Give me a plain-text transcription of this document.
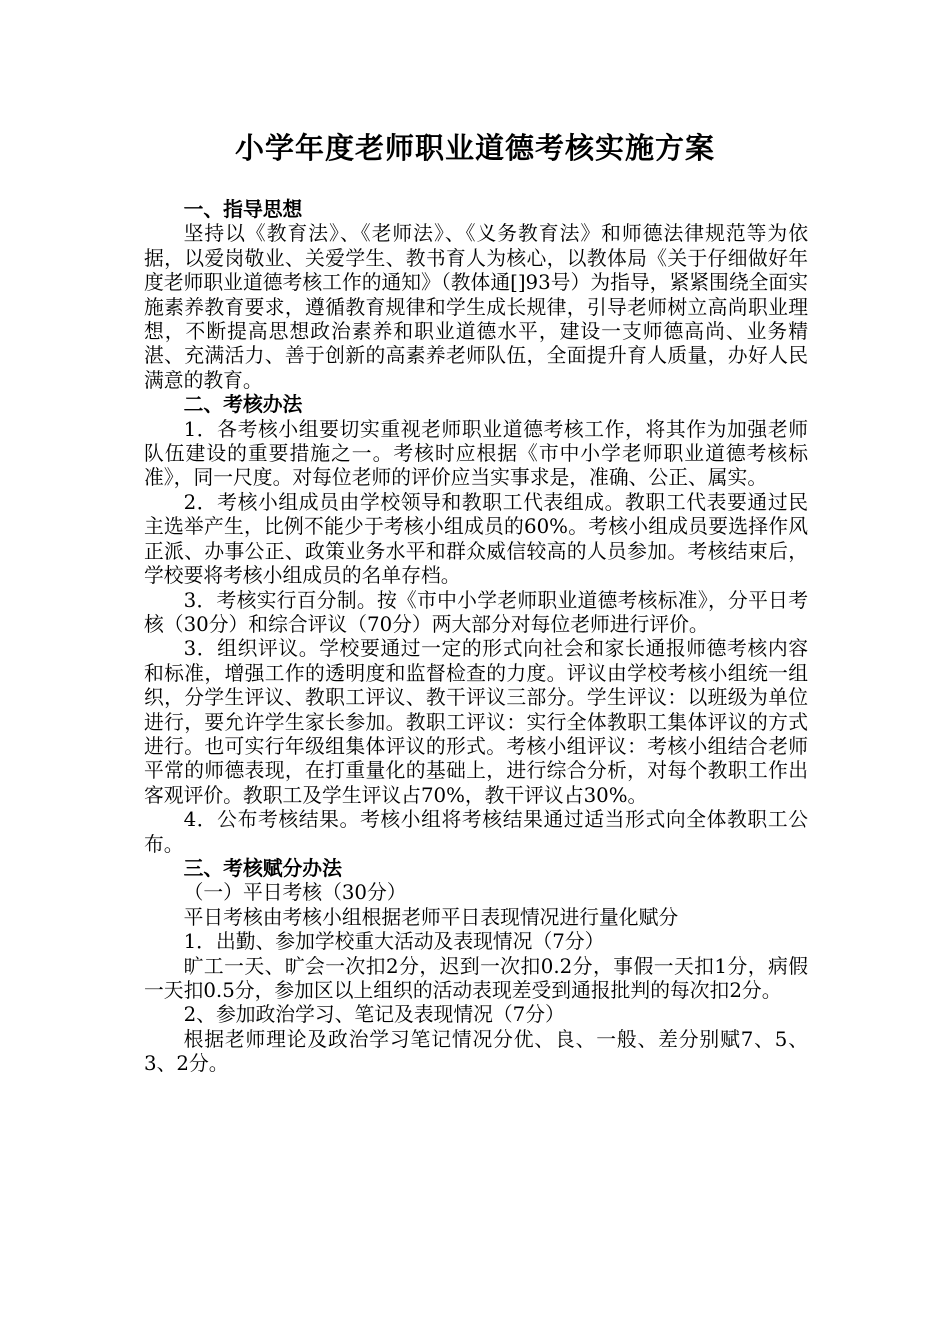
小学年度老师职业道德考核实施方案
一、指导思想

坚持以《教育法》、《老师法》、《义务教育法》和师德法律规范等为依据，以爱岗敬业、关爱学生、教书育人为核心，以教体局《关于仔细做好年度老师职业道德考核工作的通知》（教体通[]93号）为指导，紧紧围绕全面实施素养教育要求，遵循教育规律和学生成长规律，引导老师树立高尚职业理想，不断提高思想政治素养和职业道德水平，建设一支师德高尚、业务精湛、充满活力、善于创新的高素养老师队伍，全面提升育人质量，办好人民满意的教育。

二、考核办法

1．各考核小组要切实重视老师职业道德考核工作，将其作为加强老师队伍建设的重要措施之一。考核时应根据《市中小学老师职业道德考核标准》，同一尺度。对每位老师的评价应当实事求是，准确、公正、属实。

2．考核小组成员由学校领导和教职工代表组成。教职工代表要通过民主选举产生，比例不能少于考核小组成员的60%。考核小组成员要选择作风正派、办事公正、政策业务水平和群众威信较高的人员参加。考核结束后，学校要将考核小组成员的名单存档。

3．考核实行百分制。按《市中小学老师职业道德考核标准》，分平日考核（30分）和综合评议（70分）两大部分对每位老师进行评价。

3．组织评议。学校要通过一定的形式向社会和家长通报师德考核内容和标准，增强工作的透明度和监督检查的力度。评议由学校考核小组统一组织，分学生评议、教职工评议、教干评议三部分。学生评议：以班级为单位进行，要允许学生家长参加。教职工评议：实行全体教职工集体评议的方式进行。也可实行年级组集体评议的形式。考核小组评议：考核小组结合老师平常的师德表现，在打重量化的基础上，进行综合分析，对每个教职工作出客观评价。教职工及学生评议占70%，教干评议占30%。

4．公布考核结果。考核小组将考核结果通过适当形式向全体教职工公布。

三、考核赋分办法

（一）平日考核（30分）

平日考核由考核小组根据老师平日表现情况进行量化赋分

1．出勤、参加学校重大活动及表现情况（7分）

旷工一天、旷会一次扣2分，迟到一次扣0.2分，事假一天扣1分，病假一天扣0.5分，参加区以上组织的活动表现差受到通报批判的每次扣2分。

2、参加政治学习、笔记及表现情况（7分）

根据老师理论及政治学习笔记情况分优、良、一般、差分别赋7、5、3、2分。
